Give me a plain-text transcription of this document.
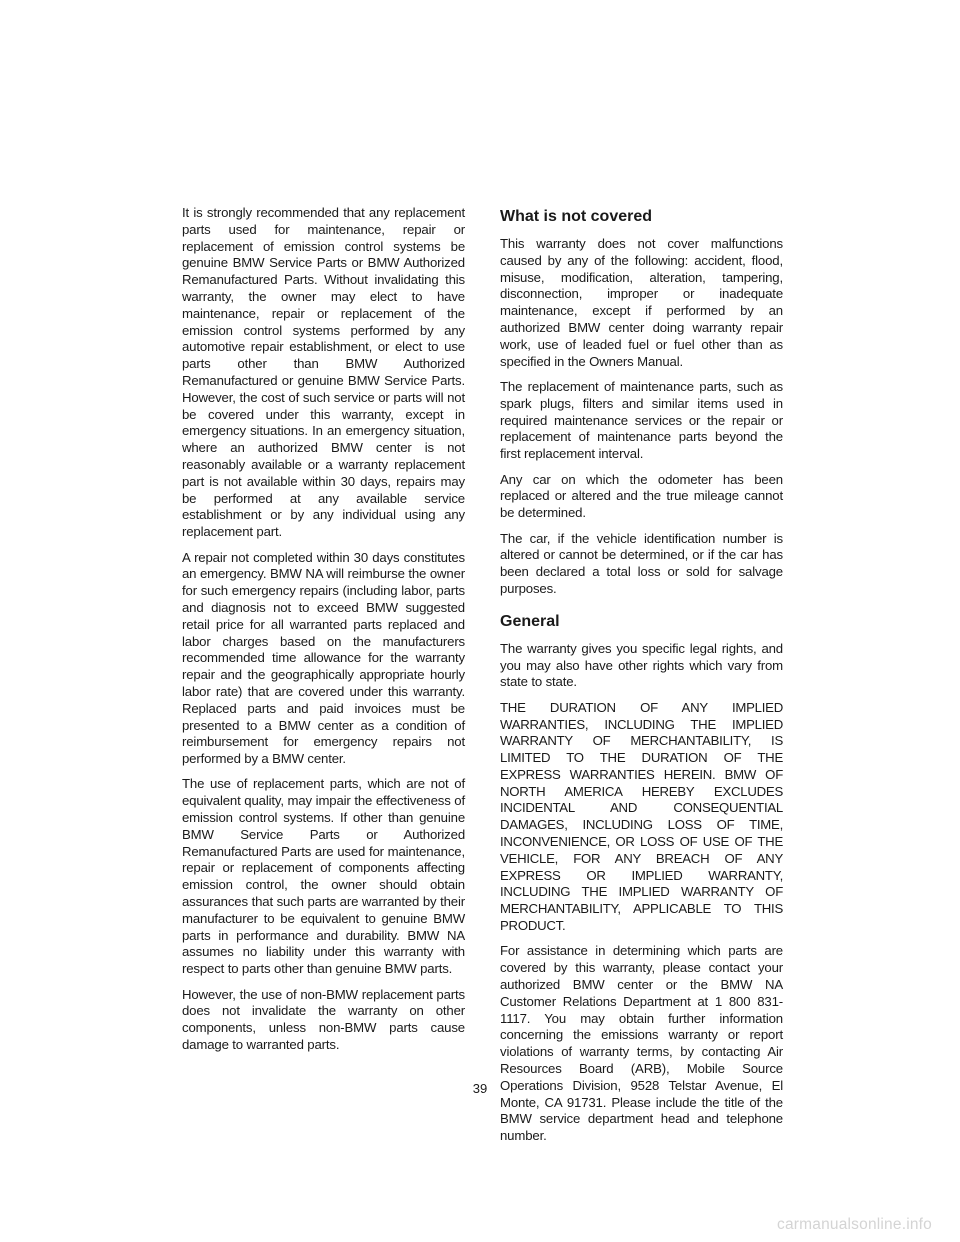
It is strongly recommended that any replacement parts used for maintenance, repair or replacement of emission control systems be genuine BMW Service Parts or BMW Authorized Remanufactured Parts. Without invalidating this warranty, the owner may elect to have maintenance, repair or replacement of the emission control systems performed by any automotive repair establishment, or elect to use parts other than BMW Authorized Remanufactured or genuine BMW Service Parts. However, the cost of such service or parts will not be covered under this warranty, except in emergency situations. In an emergency situation, where an authorized BMW center is not reasonably available or a warranty replacement part is not available within 30 days, repairs may be performed at any available service establishment or by any individual using any replacement part.

A repair not completed within 30 days constitutes an emergency. BMW NA will reimburse the owner for such emergency repairs (including labor, parts and diagnosis not to exceed BMW suggested retail price for all warranted parts replaced and labor charges based on the manufacturers recommended time allowance for the warranty repair and the geographically appropriate hourly labor rate) that are covered under this warranty. Replaced parts and paid invoices must be presented to a BMW center as a condition of reimbursement for emergency repairs not performed by a BMW center.

The use of replacement parts, which are not of equivalent quality, may impair the effectiveness of emission control systems. If other than genuine BMW Service Parts or Authorized Remanufactured Parts are used for maintenance, repair or replacement of components affecting emission control, the owner should obtain assurances that such parts are warranted by their manufacturer to be equivalent to genuine BMW parts in performance and durability. BMW NA assumes no liability under this warranty with respect to parts other than genuine BMW parts.

However, the use of non-BMW replacement parts does not invalidate the warranty on other components, unless non-BMW parts cause damage to warranted parts.

What is not covered

This warranty does not cover malfunctions caused by any of the following: accident, flood, misuse, modification, alteration, tampering, disconnection, improper or inadequate maintenance, except if performed by an authorized BMW center doing warranty repair work, use of leaded fuel or fuel other than as specified in the Owners Manual.

The replacement of maintenance parts, such as spark plugs, filters and similar items used in required maintenance services or the repair or replacement of maintenance parts beyond the first replacement interval.

Any car on which the odometer has been replaced or altered and the true mileage cannot be determined.

The car, if the vehicle identification number is altered or cannot be determined, or if the car has been declared a total loss or sold for salvage purposes.

General

The warranty gives you specific legal rights, and you may also have other rights which vary from state to state.

THE DURATION OF ANY IMPLIED WARRANTIES, INCLUDING THE IMPLIED WARRANTY OF MERCHANTABILITY, IS LIMITED TO THE DURATION OF THE EXPRESS WARRANTIES HEREIN. BMW OF NORTH AMERICA HEREBY EXCLUDES INCIDENTAL AND CONSEQUENTIAL DAMAGES, INCLUDING LOSS OF TIME, INCONVENIENCE, OR LOSS OF USE OF THE VEHICLE, FOR ANY BREACH OF ANY EXPRESS OR IMPLIED WARRANTY, INCLUDING THE IMPLIED WARRANTY OF MERCHANTABILITY, APPLICABLE TO THIS PRODUCT.

For assistance in determining which parts are covered by this warranty, please contact your authorized BMW center or the BMW NA Customer Relations Department at 1 800 831-1117. You may obtain further information concerning the emissions warranty or report violations of warranty terms, by contacting Air Resources Board (ARB), Mobile Source Operations Division, 9528 Telstar Avenue, El Monte, CA 91731. Please include the title of the BMW service department head and telephone number.

39
carmanualsonline.info
